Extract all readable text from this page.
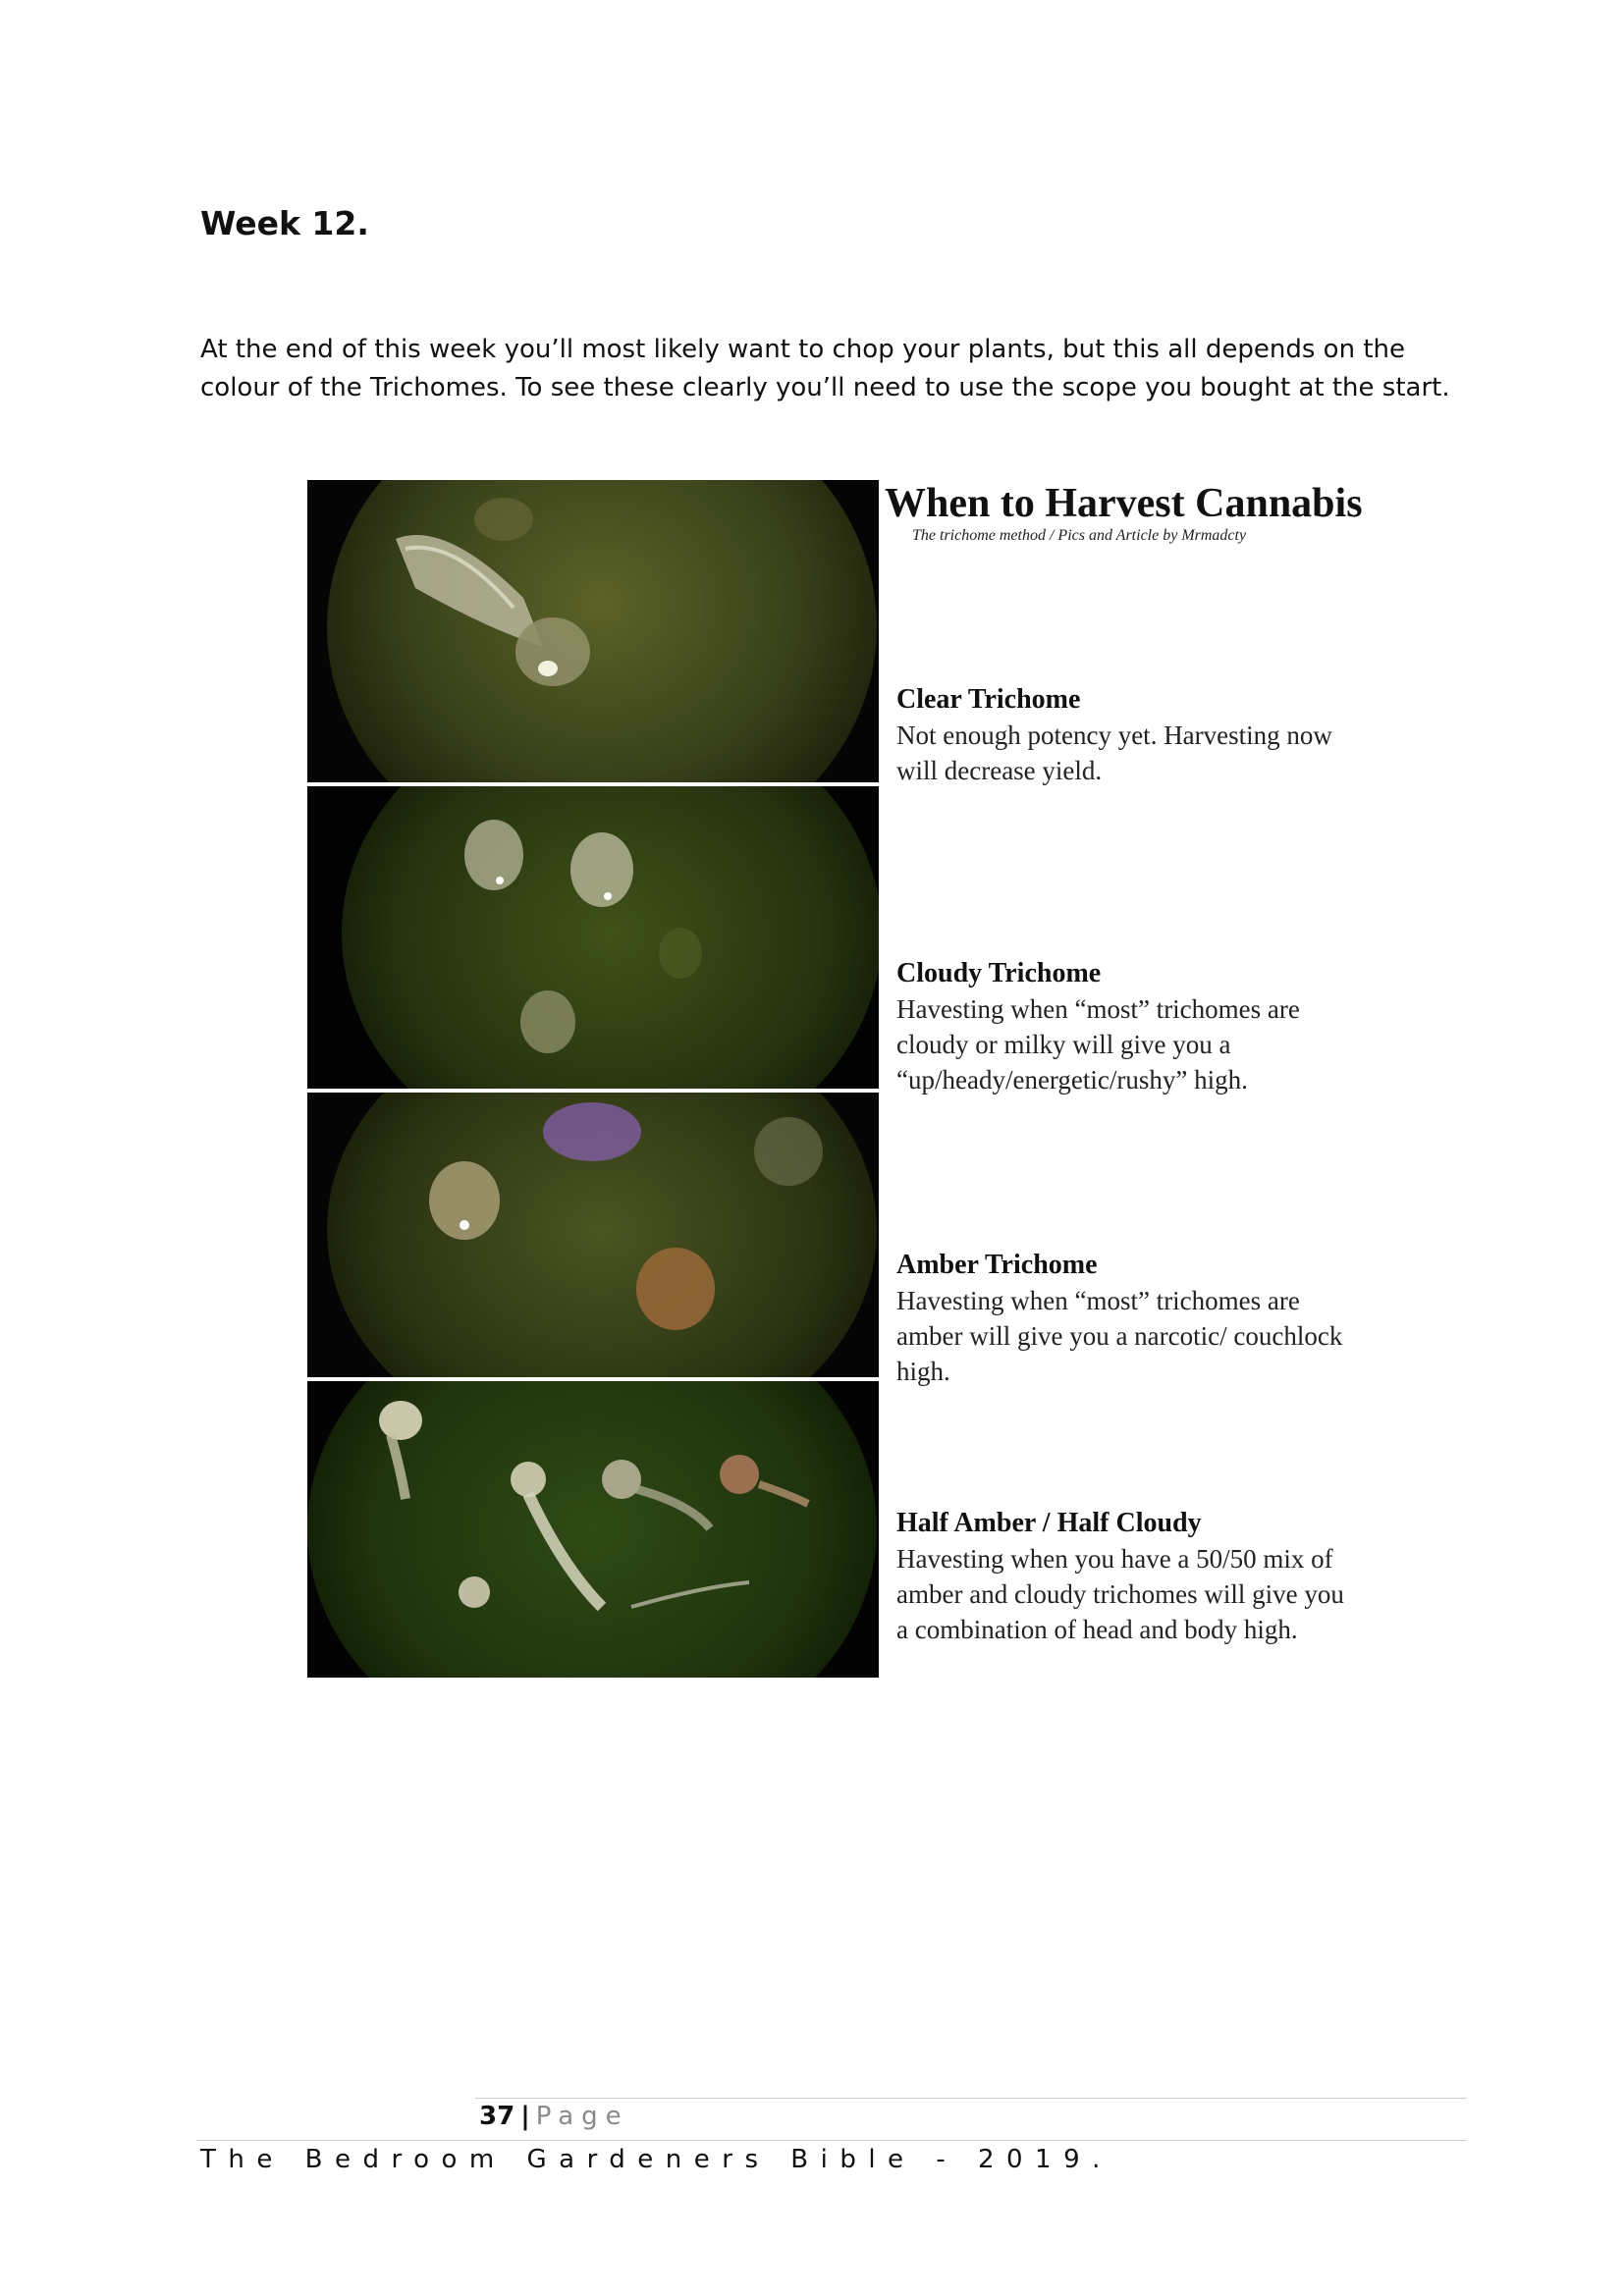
Week 12.

At the end of this week you’ll most likely want to chop your plants, but this all depends on the colour of the Trichomes. To see these clearly you’ll need to use the scope you bought at the start.

When to Harvest Cannabis

The trichome method / Pics and Article by Mrmadcty

Clear Trichome

Not enough potency yet. Harvesting now will decrease yield.

Cloudy Trichome

Havesting when “most” trichomes are cloudy or milky will give you a “up/heady/energetic/rushy” high.

Amber Trichome

Havesting when “most” trichomes are amber will give you a narcotic/ couchlock high.

Half Amber / Half Cloudy

Havesting when you have a 50/50 mix of amber and cloudy trichomes will give you a combination of head and body high.

37 | Page

The Bedroom Gardeners Bible - 2019.
